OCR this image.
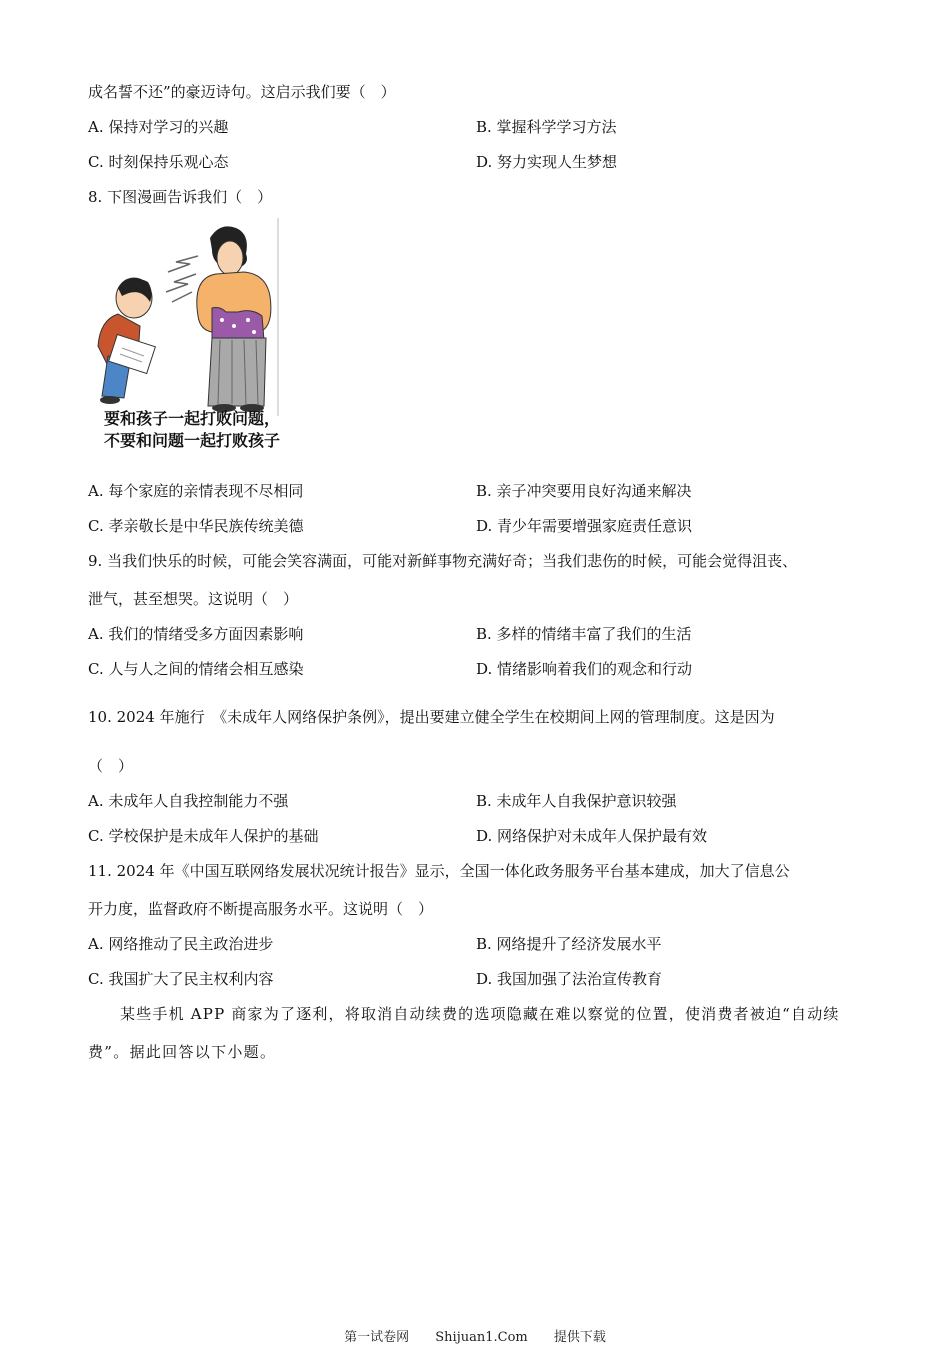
成名誓不还”的豪迈诗句。这启示我们要（　）
A. 保持对学习的兴趣	B. 掌握科学学习方法
C. 时刻保持乐观心态	D. 努力实现人生梦想
8. 下图漫画告诉我们（　）
要和孩子一起打败问题，
不要和问题一起打败孩子
A. 每个家庭的亲情表现不尽相同	B. 亲子冲突要用良好沟通来解决
C. 孝亲敬长是中华民族传统美德	D. 青少年需要增强家庭责任意识
9. 当我们快乐的时候，可能会笑容满面，可能对新鲜事物充满好奇；当我们悲伤的时候，可能会觉得沮丧、
泄气，甚至想哭。这说明（　）
A. 我们的情绪受多方面因素影响	B. 多样的情绪丰富了我们的生活
C. 人与人之间的情绪会相互感染	D. 情绪影响着我们的观念和行动
10. 2024 年施行　《未成年人网络保护条例》，提出要建立健全学生在校期间上网的管理制度。这是因为
（　）
A. 未成年人自我控制能力不强	B. 未成年人自我保护意识较强
C. 学校保护是未成年人保护的基础	D. 网络保护对未成年人保护最有效
11. 2024 年《中国互联网络发展状况统计报告》显示，全国一体化政务服务平台基本建成，加大了信息公
开力度，监督政府不断提高服务水平。这说明（　）
A. 网络推动了民主政治进步	B. 网络提升了经济发展水平
C. 我国扩大了民主权利内容	D. 我国加强了法治宣传教育
某些手机 APP 商家为了逐利，将取消自动续费的选项隐藏在难以察觉的位置，使消费者被迫“自动续
费”。据此回答以下小题。
第一试卷网 Shijuan1.Com 提供下载
